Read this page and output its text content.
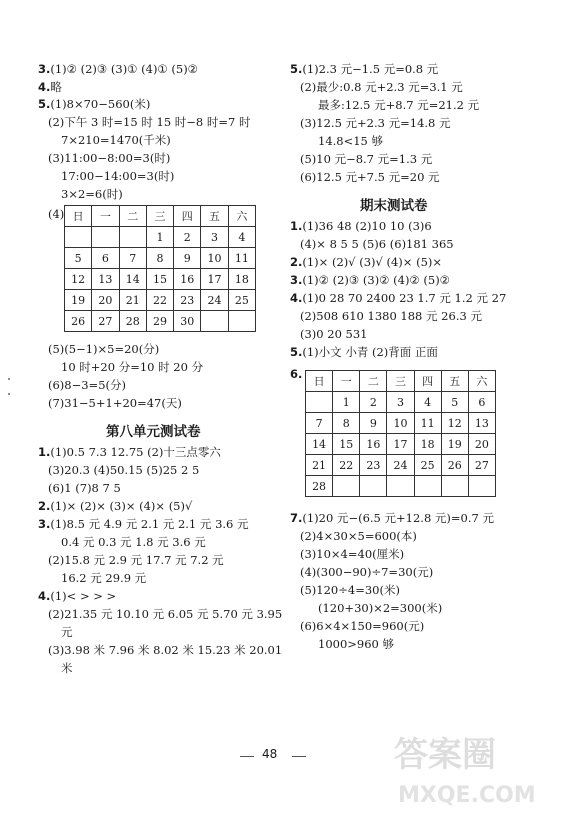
3.(1)② (2)③ (3)① (4)① (5)②
4.略
5.(1)8×70−560(米)
(2)下午 3 时=15 时 15 时−8 时=7 时
7×210=1470(千米)
(3)11:00−8:00=3(时)
17:00−14:00=3(时)
3×2=6(时)
(4) 日	一	二	三	四	五	六
			1	2	3	4
5	6	7	8	9	10	11
12	13	14	15	16	17	18
19	20	21	22	23	24	25
26	27	28	29	30		
(5)(5−1)×5=20(分)
10 时+20 分=10 时 20 分
(6)8−3=5(分)
(7)31−5+1+20=47(天)
第八单元测试卷
1.(1)0.5 7.3 12.75 (2)十三点零六
(3)20.3 (4)50.15 (5)25 2 5
(6)1 (7)8 7 5
2.(1)× (2)× (3)× (4)× (5)√
3.(1)8.5 元 4.9 元 2.1 元 2.1 元 3.6 元
0.4 元 0.3 元 1.8 元 3.6 元
(2)15.8 元 2.9 元 17.7 元 7.2 元
16.2 元 29.9 元
4.(1)< > > >
(2)21.35 元 10.10 元 6.05 元 5.70 元 3.95
元
(3)3.98 米 7.96 米 8.02 米 15.23 米 20.01
米
5.(1)2.3 元−1.5 元=0.8 元
(2)最少:0.8 元+2.3 元=3.1 元
最多:12.5 元+8.7 元=21.2 元
(3)12.5 元+2.3 元=14.8 元
14.8<15 够
(5)10 元−8.7 元=1.3 元
(6)12.5 元+7.5 元=20 元
期末测试卷
1.(1)36 48 (2)10 10 (3)6
(4)× 8 5 5 (5)6 (6)181 365
2.(1)× (2)√ (3)√ (4)× (5)×
3.(1)② (2)③ (3)② (4)② (5)②
4.(1)0 28 70 2400 23 1.7 元 1.2 元 27
(2)508 610 1380 188 元 26.3 元
(3)0 20 531
5.(1)小文 小青 (2)背面 正面
6.
日	一	二	三	四	五	六
	1	2	3	4	5	6
7	8	9	10	11	12	13
14	15	16	17	18	19	20
21	22	23	24	25	26	27
28						
7.(1)20 元−(6.5 元+12.8 元)=0.7 元
(2)4×30×5=600(本)
(3)10×4=40(厘米)
(4)(300−90)÷7=30(元)
(5)120÷4=30(米)
(120+30)×2=300(米)
(6)6×4×150=960(元)
1000>960 够
48	答案圈
MXQE.COM
